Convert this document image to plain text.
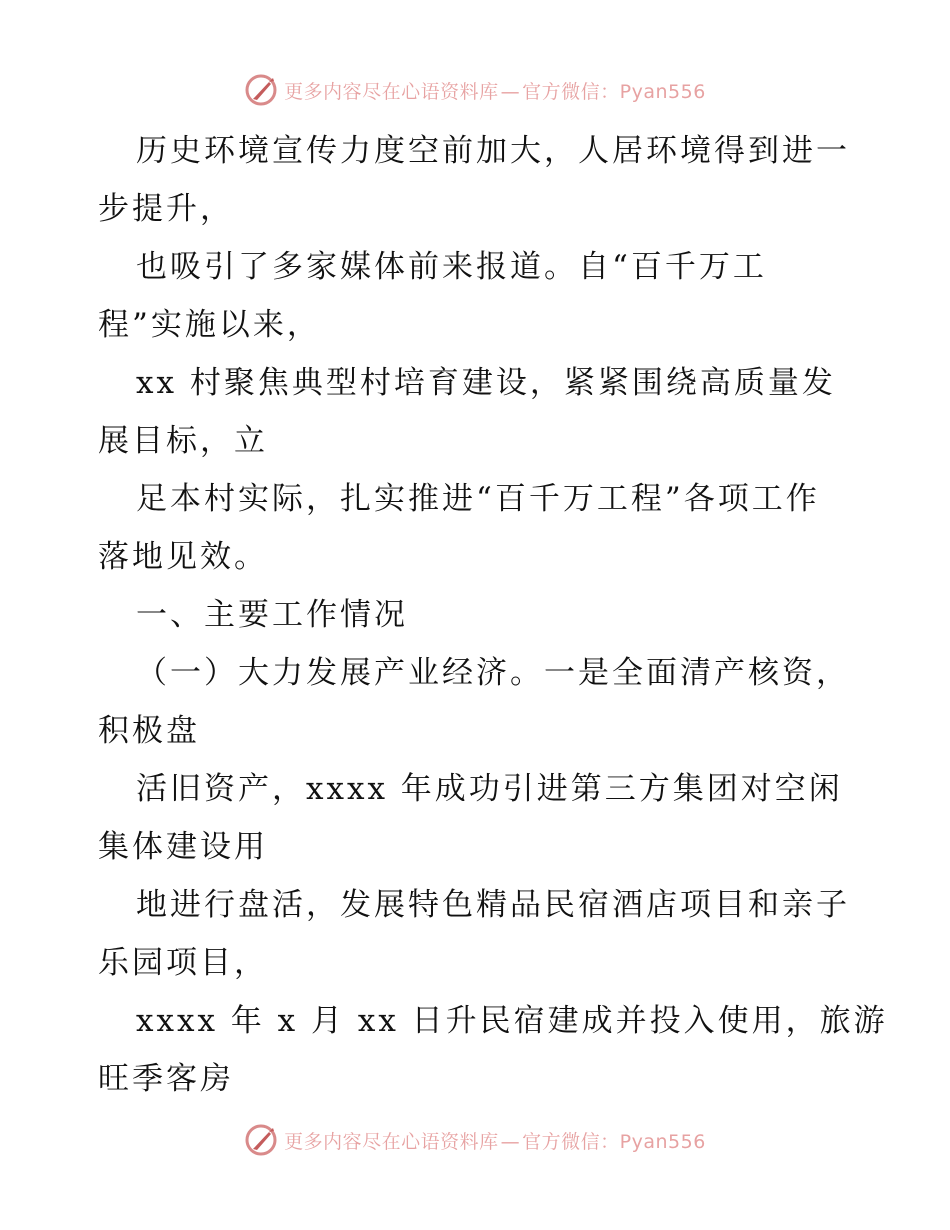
更多内容尽在心语资料库 — 官方微信：Pyan556
历史环境宣传力度空前加大，人居环境得到进一
步提升，
也吸引了多家媒体前来报道。自“百千万工
程”实施以来，
xx 村聚焦典型村培育建设，紧紧围绕高质量发
展目标，立
足本村实际，扎实推进“百千万工程”各项工作
落地见效。
一、主要工作情况
（一）大力发展产业经济。一是全面清产核资，
积极盘
活旧资产，xxxx 年成功引进第三方集团对空闲
集体建设用
地进行盘活，发展特色精品民宿酒店项目和亲子
乐园项目，
xxxx 年 x 月 xx 日升民宿建成并投入使用，旅游
旺季客房
更多内容尽在心语资料库 — 官方微信：Pyan556
